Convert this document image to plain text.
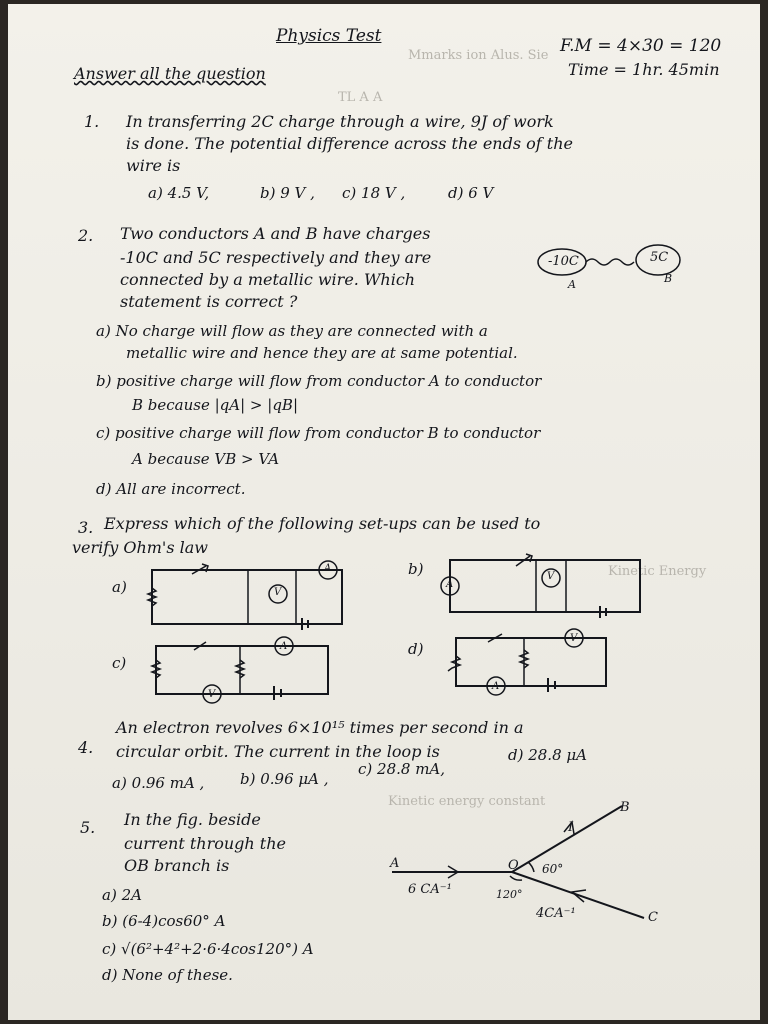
Mmarks ion Alus. Sie
TL A A
Kinetic Energy
Kinetic energy constant
Physics Test	F.M = 4×30 = 120
Time = 1hr. 45min
Answer all the question
1. In transferring 2C charge through a wire, 9J of work
is done. The potential difference across the ends of the
wire is
a) 4.5 V,	b) 9 V , c) 18 V ,	d) 6 V
2. Two conductors A and B have charges
-10C and 5C respectively and they are
connected by a metallic wire. Which
statement is correct ?
-10C	5C
A	B
a) No charge will flow as they are connected with a
metallic wire and hence they are at same potential.
b) positive charge will flow from conductor A to conductor
B because |qA| > |qB|
c) positive charge will flow from conductor B to conductor
A because VB > VA
d) All are incorrect.
3. Express which of the following set-ups can be used to
verify Ohm's law
a)
b)
c)
d)
V
A
A
V
A
V
V
A
4.
An electron revolves 6×10¹⁵ times per second in a
circular orbit. The current in the loop is
a) 0.96 mA , b) 0.96 μA ,
c) 28.8 mA,
d) 28.8 μA
5. In the fig. beside
current through the
OB branch is
a) 2A
b) (6-4)cos60° A
c) √(6²+4²+2·6·4cos120°) A
d) None of these.
A	O
B
C
6 CA⁻¹
4CA⁻¹
I
60°
120°
